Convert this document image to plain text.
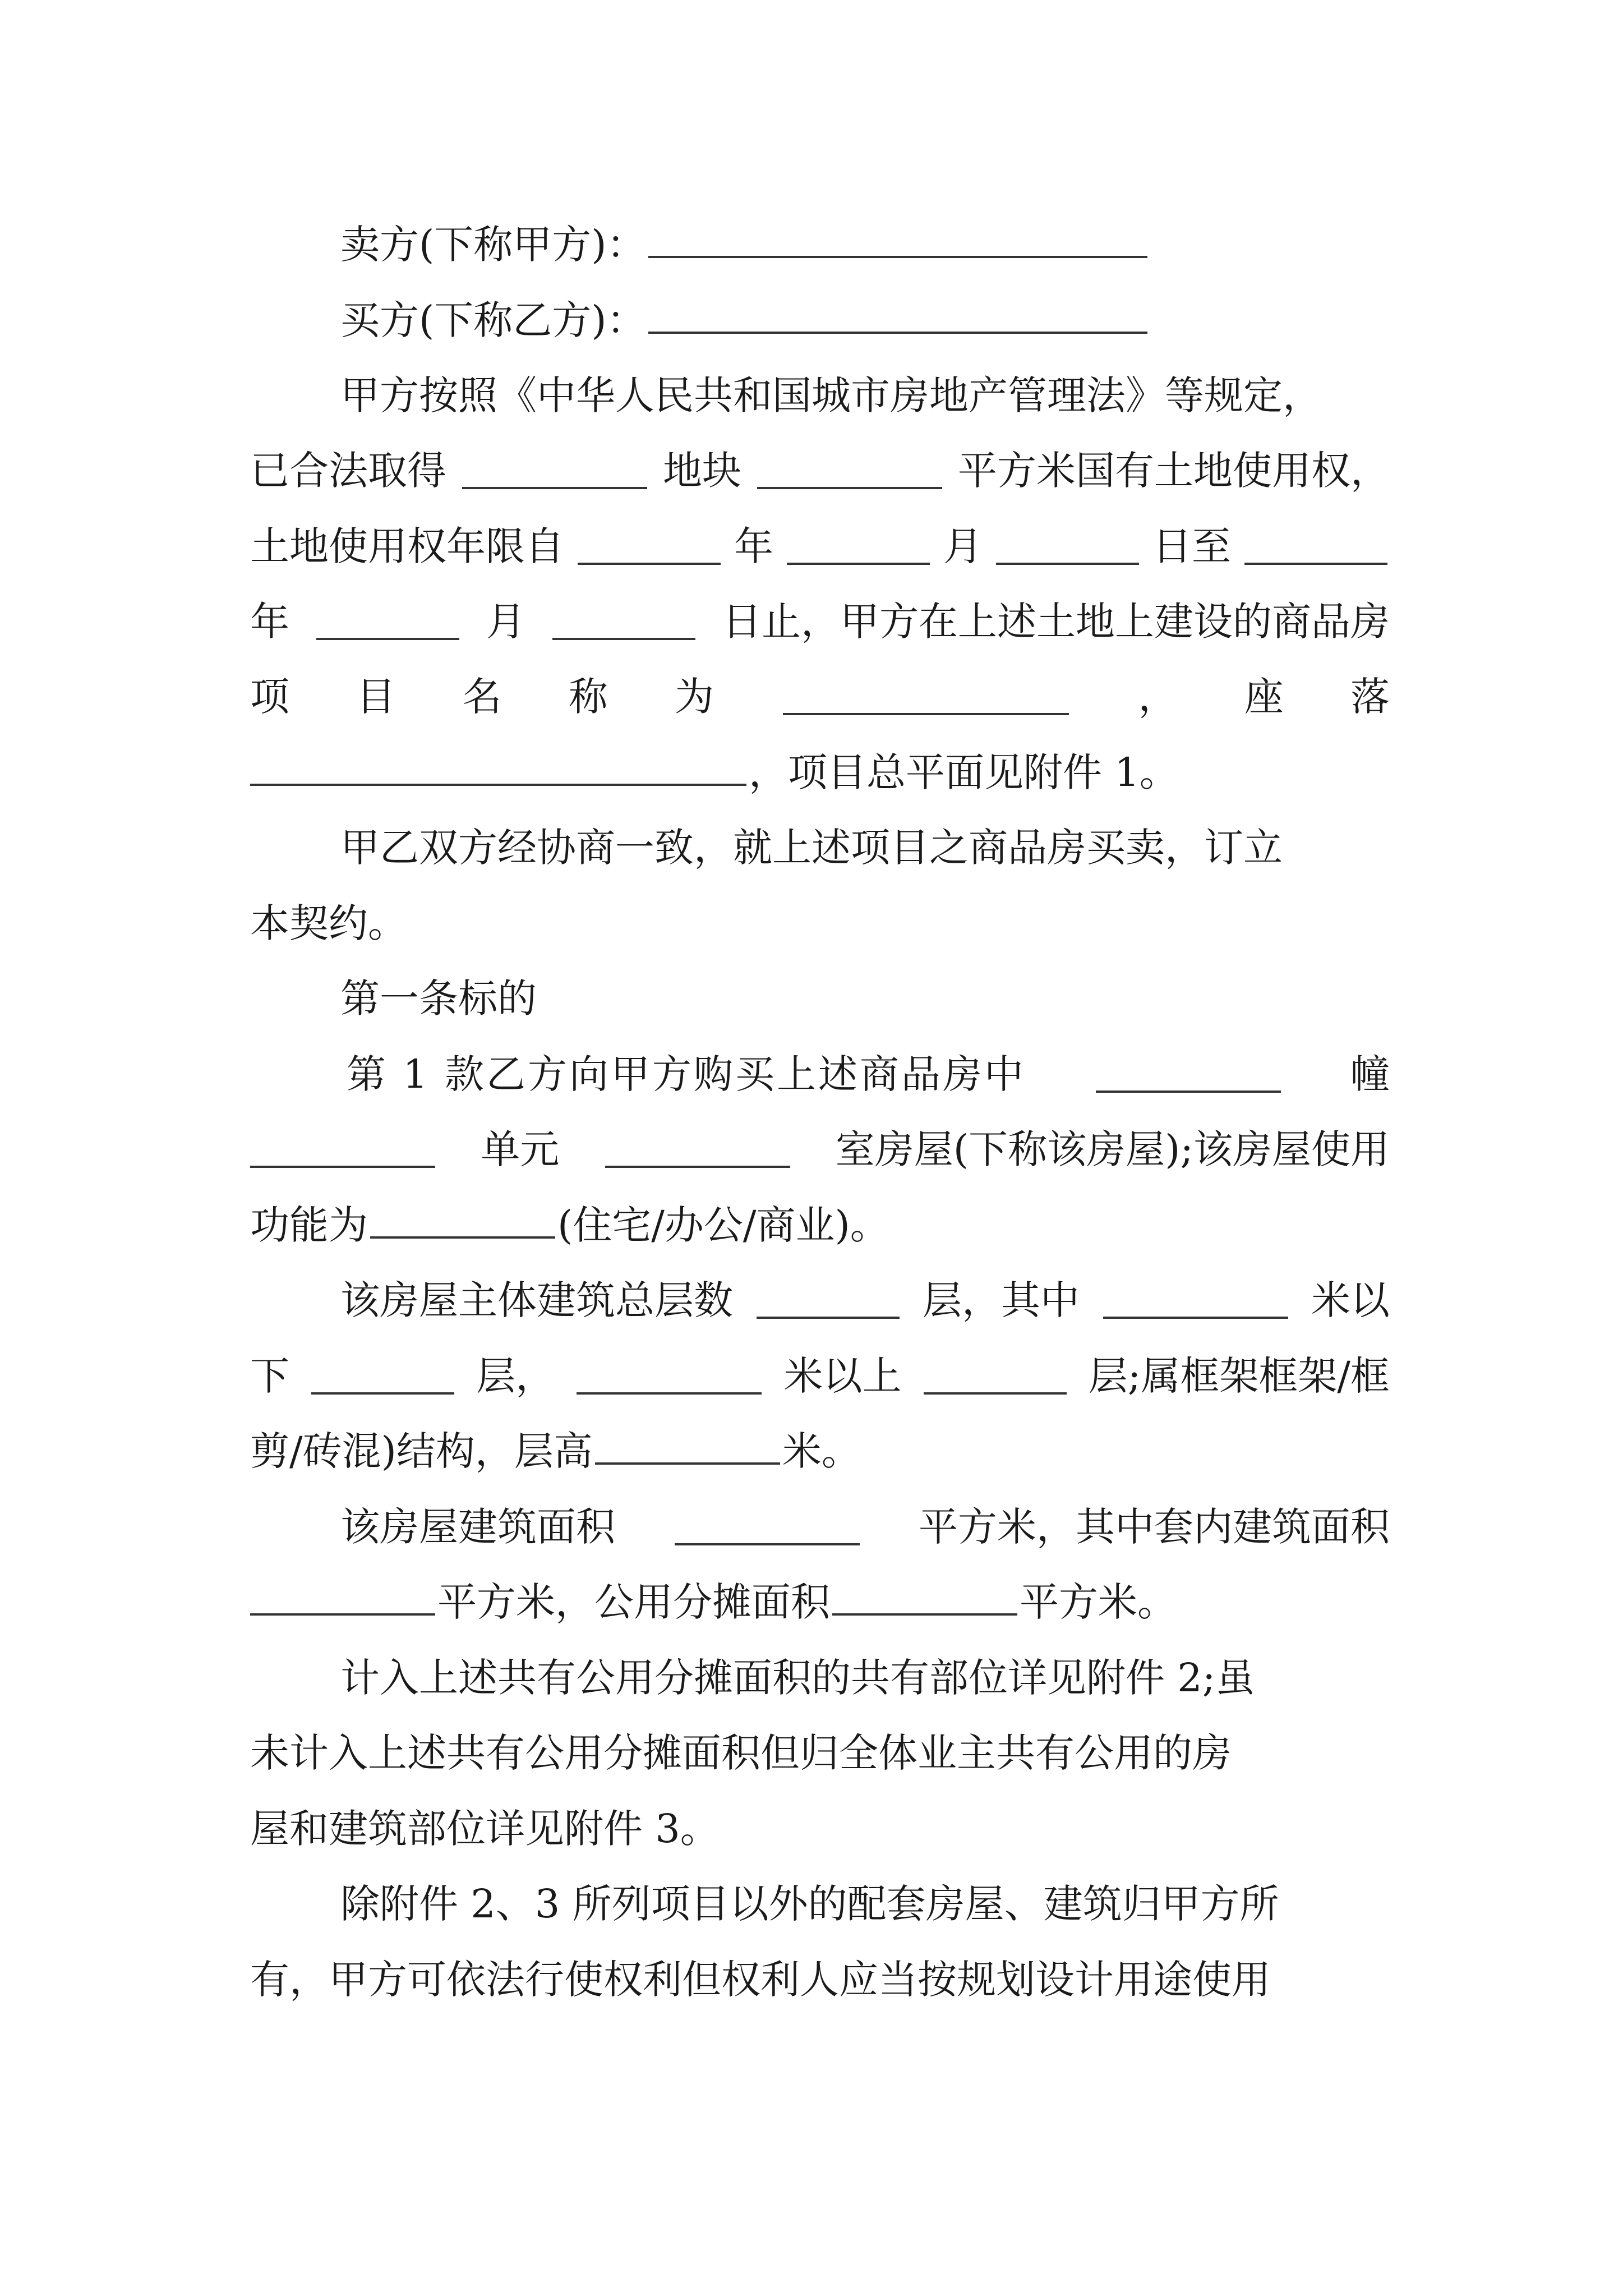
卖方(下称甲方)：
买方(下称乙方)：
甲方按照《中华人民共和国城市房地产管理法》等规定，
已合法取得	地块	平方米国有土地使用权，
土地使用权年限自	年	月	日至
年	月	日止，甲方在上述土地上建设的商品房
项 目 名 称 为	， 座 落
，项目总平面见附件 1。
甲乙双方经协商一致，就上述项目之商品房买卖，订立
本契约。
第一条标的
第 1 款乙方向甲方购买上述商品房中	幢
单元	室房屋(下称该房屋);该房屋使用
功能为	(住宅/办公/商业)。
该房屋主体建筑总层数	层，其中	米以
下	层，	米以上	层;属框架框架/框
剪/砖混)结构，层高	米。
该房屋建筑面积	平方米，其中套内建筑面积
平方米，公用分摊面积	平方米。
计入上述共有公用分摊面积的共有部位详见附件 2;虽
未计入上述共有公用分摊面积但归全体业主共有公用的房
屋和建筑部位详见附件 3。
除附件 2、3 所列项目以外的配套房屋、建筑归甲方所
有，甲方可依法行使权利但权利人应当按规划设计用途使用
